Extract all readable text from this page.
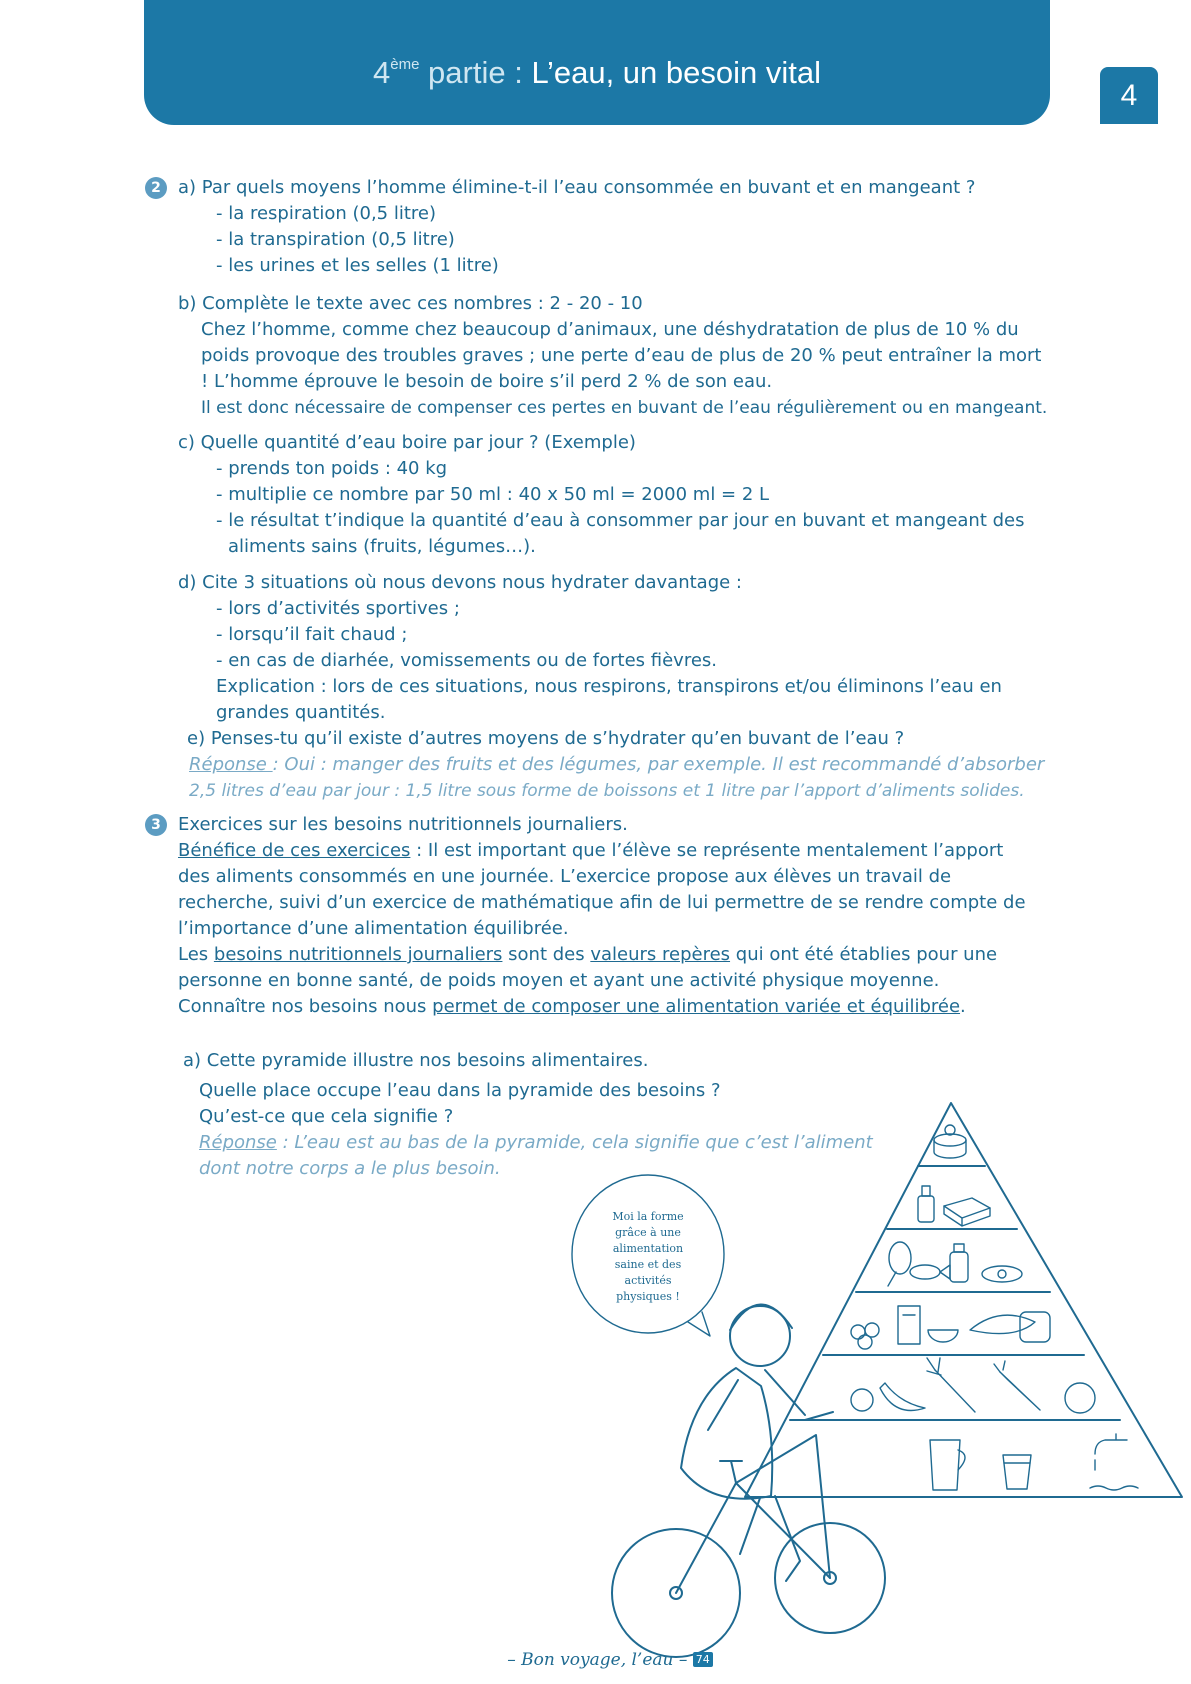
4ème partie : L’eau, un besoin vital
4
2 a) Par quels moyens l’homme élimine-t-il l’eau consommée en buvant et en mangeant ?
- la respiration (0,5 litre)
- la transpiration (0,5 litre)
- les urines et les selles (1 litre)
b) Complète le texte avec ces nombres : 2 - 20 - 10
Chez l’homme, comme chez beaucoup d’animaux, une déshydratation de plus de 10 % du
poids provoque des troubles graves ; une perte d’eau de plus de 20 % peut entraîner la mort
! L’homme éprouve le besoin de boire s’il perd 2 % de son eau.
Il est donc nécessaire de compenser ces pertes en buvant de l’eau régulièrement ou en mangeant.
c) Quelle quantité d’eau boire par jour ? (Exemple)
- prends ton poids : 40 kg
- multiplie ce nombre par 50 ml : 40 x 50 ml = 2000 ml = 2 L
- le résultat t’indique la quantité d’eau à consommer par jour en buvant et mangeant des
aliments sains (fruits, légumes…).
d) Cite 3 situations où nous devons nous hydrater davantage :
- lors d’activités sportives ;
- lorsqu’il fait chaud ;
- en cas de diarhée, vomissements ou de fortes fièvres.
Explication : lors de ces situations, nous respirons, transpirons et/ou éliminons l’eau en
grandes quantités.
e) Penses-tu qu’il existe d’autres moyens de s’hydrater qu’en buvant de l’eau ?
Réponse : Oui : manger des fruits et des légumes, par exemple. Il est recommandé d’absorber
2,5 litres d’eau par jour : 1,5 litre sous forme de boissons et 1 litre par l’apport d’aliments solides.
3 Exercices sur les besoins nutritionnels journaliers.
Bénéfice de ces exercices : Il est important que l’élève se représente mentalement l’apport
des aliments consommés en une journée. L’exercice propose aux élèves un travail de
recherche, suivi d’un exercice de mathématique afin de lui permettre de se rendre compte de
l’importance d’une alimentation équilibrée.
Les besoins nutritionnels journaliers sont des valeurs repères qui ont été établies pour une
personne en bonne santé, de poids moyen et ayant une activité physique moyenne.
Connaître nos besoins nous permet de composer une alimentation variée et équilibrée.
a) Cette pyramide illustre nos besoins alimentaires.
Quelle place occupe l’eau dans la pyramide des besoins ?
Qu’est-ce que cela signifie ?
Réponse : L’eau est au bas de la pyramide, cela signifie que c’est l’aliment
dont notre corps a le plus besoin.
Moi la forme
grâce à une
alimentation
saine et des
activités
physiques !
– Bon voyage, l’eau – 74
